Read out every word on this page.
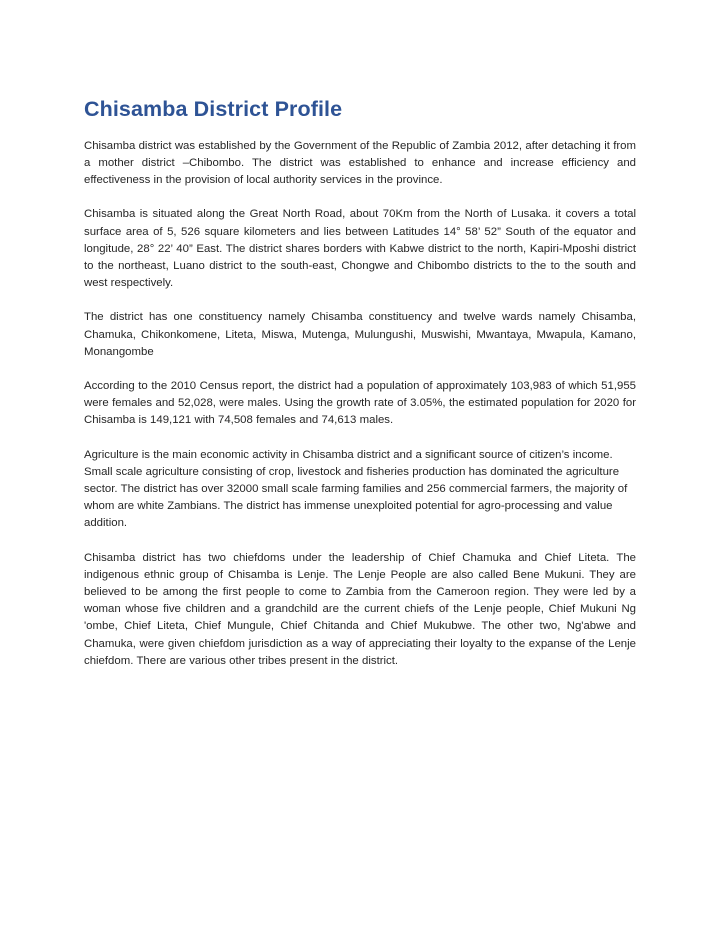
Chisamba District Profile

Chisamba district was established by the Government of the Republic of Zambia 2012, after detaching it from a mother district –Chibombo. The district was established to enhance and increase efficiency and effectiveness in the provision of local authority services in the province.

Chisamba is situated along the Great North Road, about 70Km from the North of Lusaka. it covers a total surface area of 5, 526 square kilometers and lies between Latitudes 14° 58’ 52” South of the equator and longitude, 28° 22’ 40” East. The district shares borders with Kabwe district to the north, Kapiri-Mposhi district to the northeast, Luano district to the south-east, Chongwe and Chibombo districts to the to the south and west respectively.

The district has one constituency namely Chisamba constituency and twelve wards namely Chisamba, Chamuka, Chikonkomene, Liteta, Miswa, Mutenga, Mulungushi, Muswishi, Mwantaya, Mwapula, Kamano, Monangombe

According to the 2010 Census report, the district had a population of approximately 103,983 of which 51,955 were females and 52,028, were males. Using the growth rate of 3.05%, the estimated population for 2020 for Chisamba is 149,121 with 74,508 females and 74,613 males.

Agriculture is the main economic activity in Chisamba district and a significant source of citizen’s income. Small scale agriculture consisting of crop, livestock and fisheries production has dominated the agriculture sector. The district has over 32000 small scale farming families and 256 commercial farmers, the majority of whom are white Zambians. The district has immense unexploited potential for agro-processing and value addition.

Chisamba district has two chiefdoms under the leadership of Chief Chamuka and Chief Liteta. The indigenous ethnic group of Chisamba is Lenje. The Lenje People are also called Bene Mukuni. They are believed to be among the first people to come to Zambia from the Cameroon region. They were led by a woman whose five children and a grandchild are the current chiefs of the Lenje people, Chief Mukuni Ng 'ombe, Chief Liteta, Chief Mungule, Chief Chitanda and Chief Mukubwe. The other two, Ng'abwe and Chamuka, were given chiefdom jurisdiction as a way of appreciating their loyalty to the expanse of the Lenje chiefdom. There are various other tribes present in the district.
